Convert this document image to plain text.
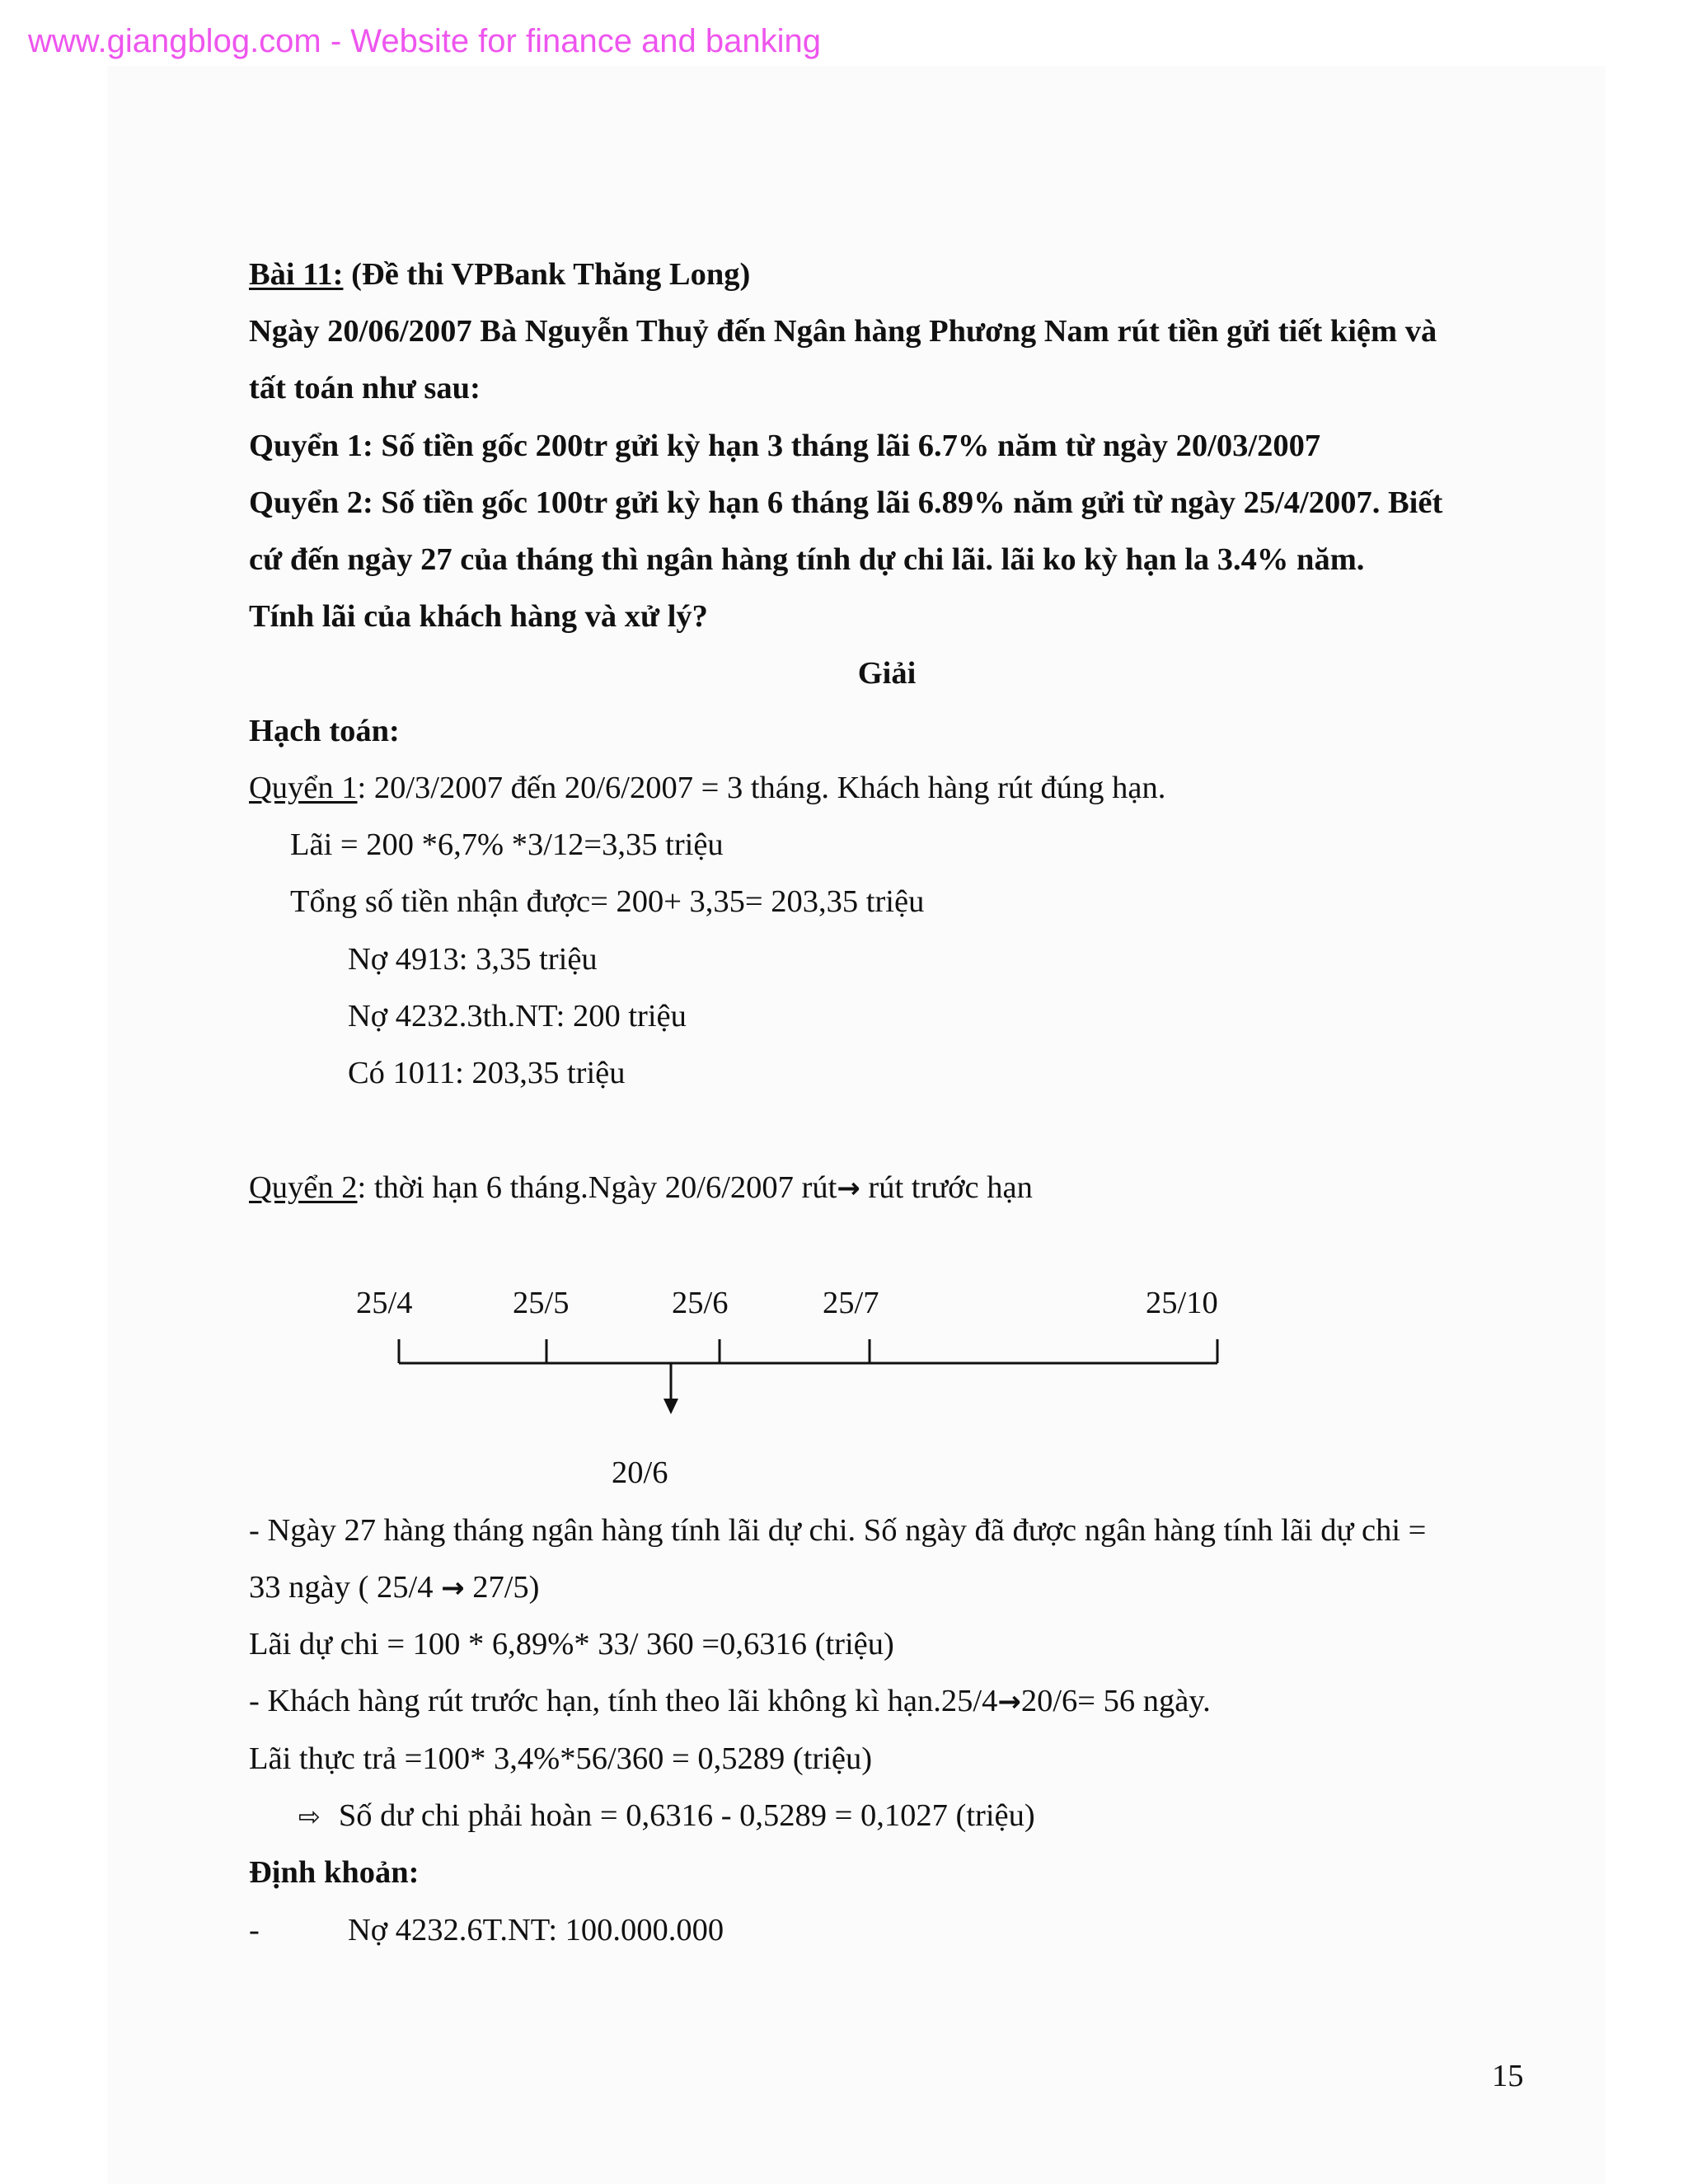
www.giangblog.com - Website for finance and banking
Bài 11: (Đề thi VPBank Thăng Long)
Ngày 20/06/2007 Bà Nguyễn Thuỷ đến Ngân hàng Phương Nam rút tiền gửi tiết kiệm và
tất toán như sau:
Quyển 1: Số tiền gốc 200tr gửi kỳ hạn 3 tháng lãi 6.7% năm từ ngày 20/03/2007
Quyển 2: Số tiền gốc 100tr gửi kỳ hạn 6 tháng lãi 6.89% năm gửi từ ngày 25/4/2007. Biết
cứ đến ngày 27 của tháng thì ngân hàng tính dự chi lãi. lãi ko kỳ hạn la 3.4% năm.
Tính lãi của khách hàng và xử lý?
Giải
Hạch toán:
Quyển 1: 20/3/2007 đến 20/6/2007 = 3 tháng. Khách hàng rút đúng hạn.
Lãi = 200 *6,7% *3/12=3,35 triệu
Tổng số tiền nhận được= 200+ 3,35= 203,35 triệu
Nợ 4913: 3,35 triệu
Nợ 4232.3th.NT: 200 triệu
Có 1011: 203,35 triệu
Quyển 2: thời hạn 6 tháng.Ngày 20/6/2007 rút→ rút trước hạn
25/4	25/5	25/6	25/7	25/10
20/6
- Ngày 27 hàng tháng ngân hàng tính lãi dự chi. Số ngày đã được ngân hàng tính lãi dự chi =
33 ngày ( 25/4 → 27/5)
Lãi dự chi = 100 * 6,89%* 33/ 360 =0,6316 (triệu)
- Khách hàng rút trước hạn, tính theo lãi không kì hạn.25/4→20/6= 56 ngày.
Lãi thực trả =100* 3,4%*56/360 = 0,5289 (triệu)
⇨ Số dư chi phải hoàn = 0,6316 - 0,5289 = 0,1027 (triệu)
Định khoản:
-	Nợ 4232.6T.NT: 100.000.000
15
